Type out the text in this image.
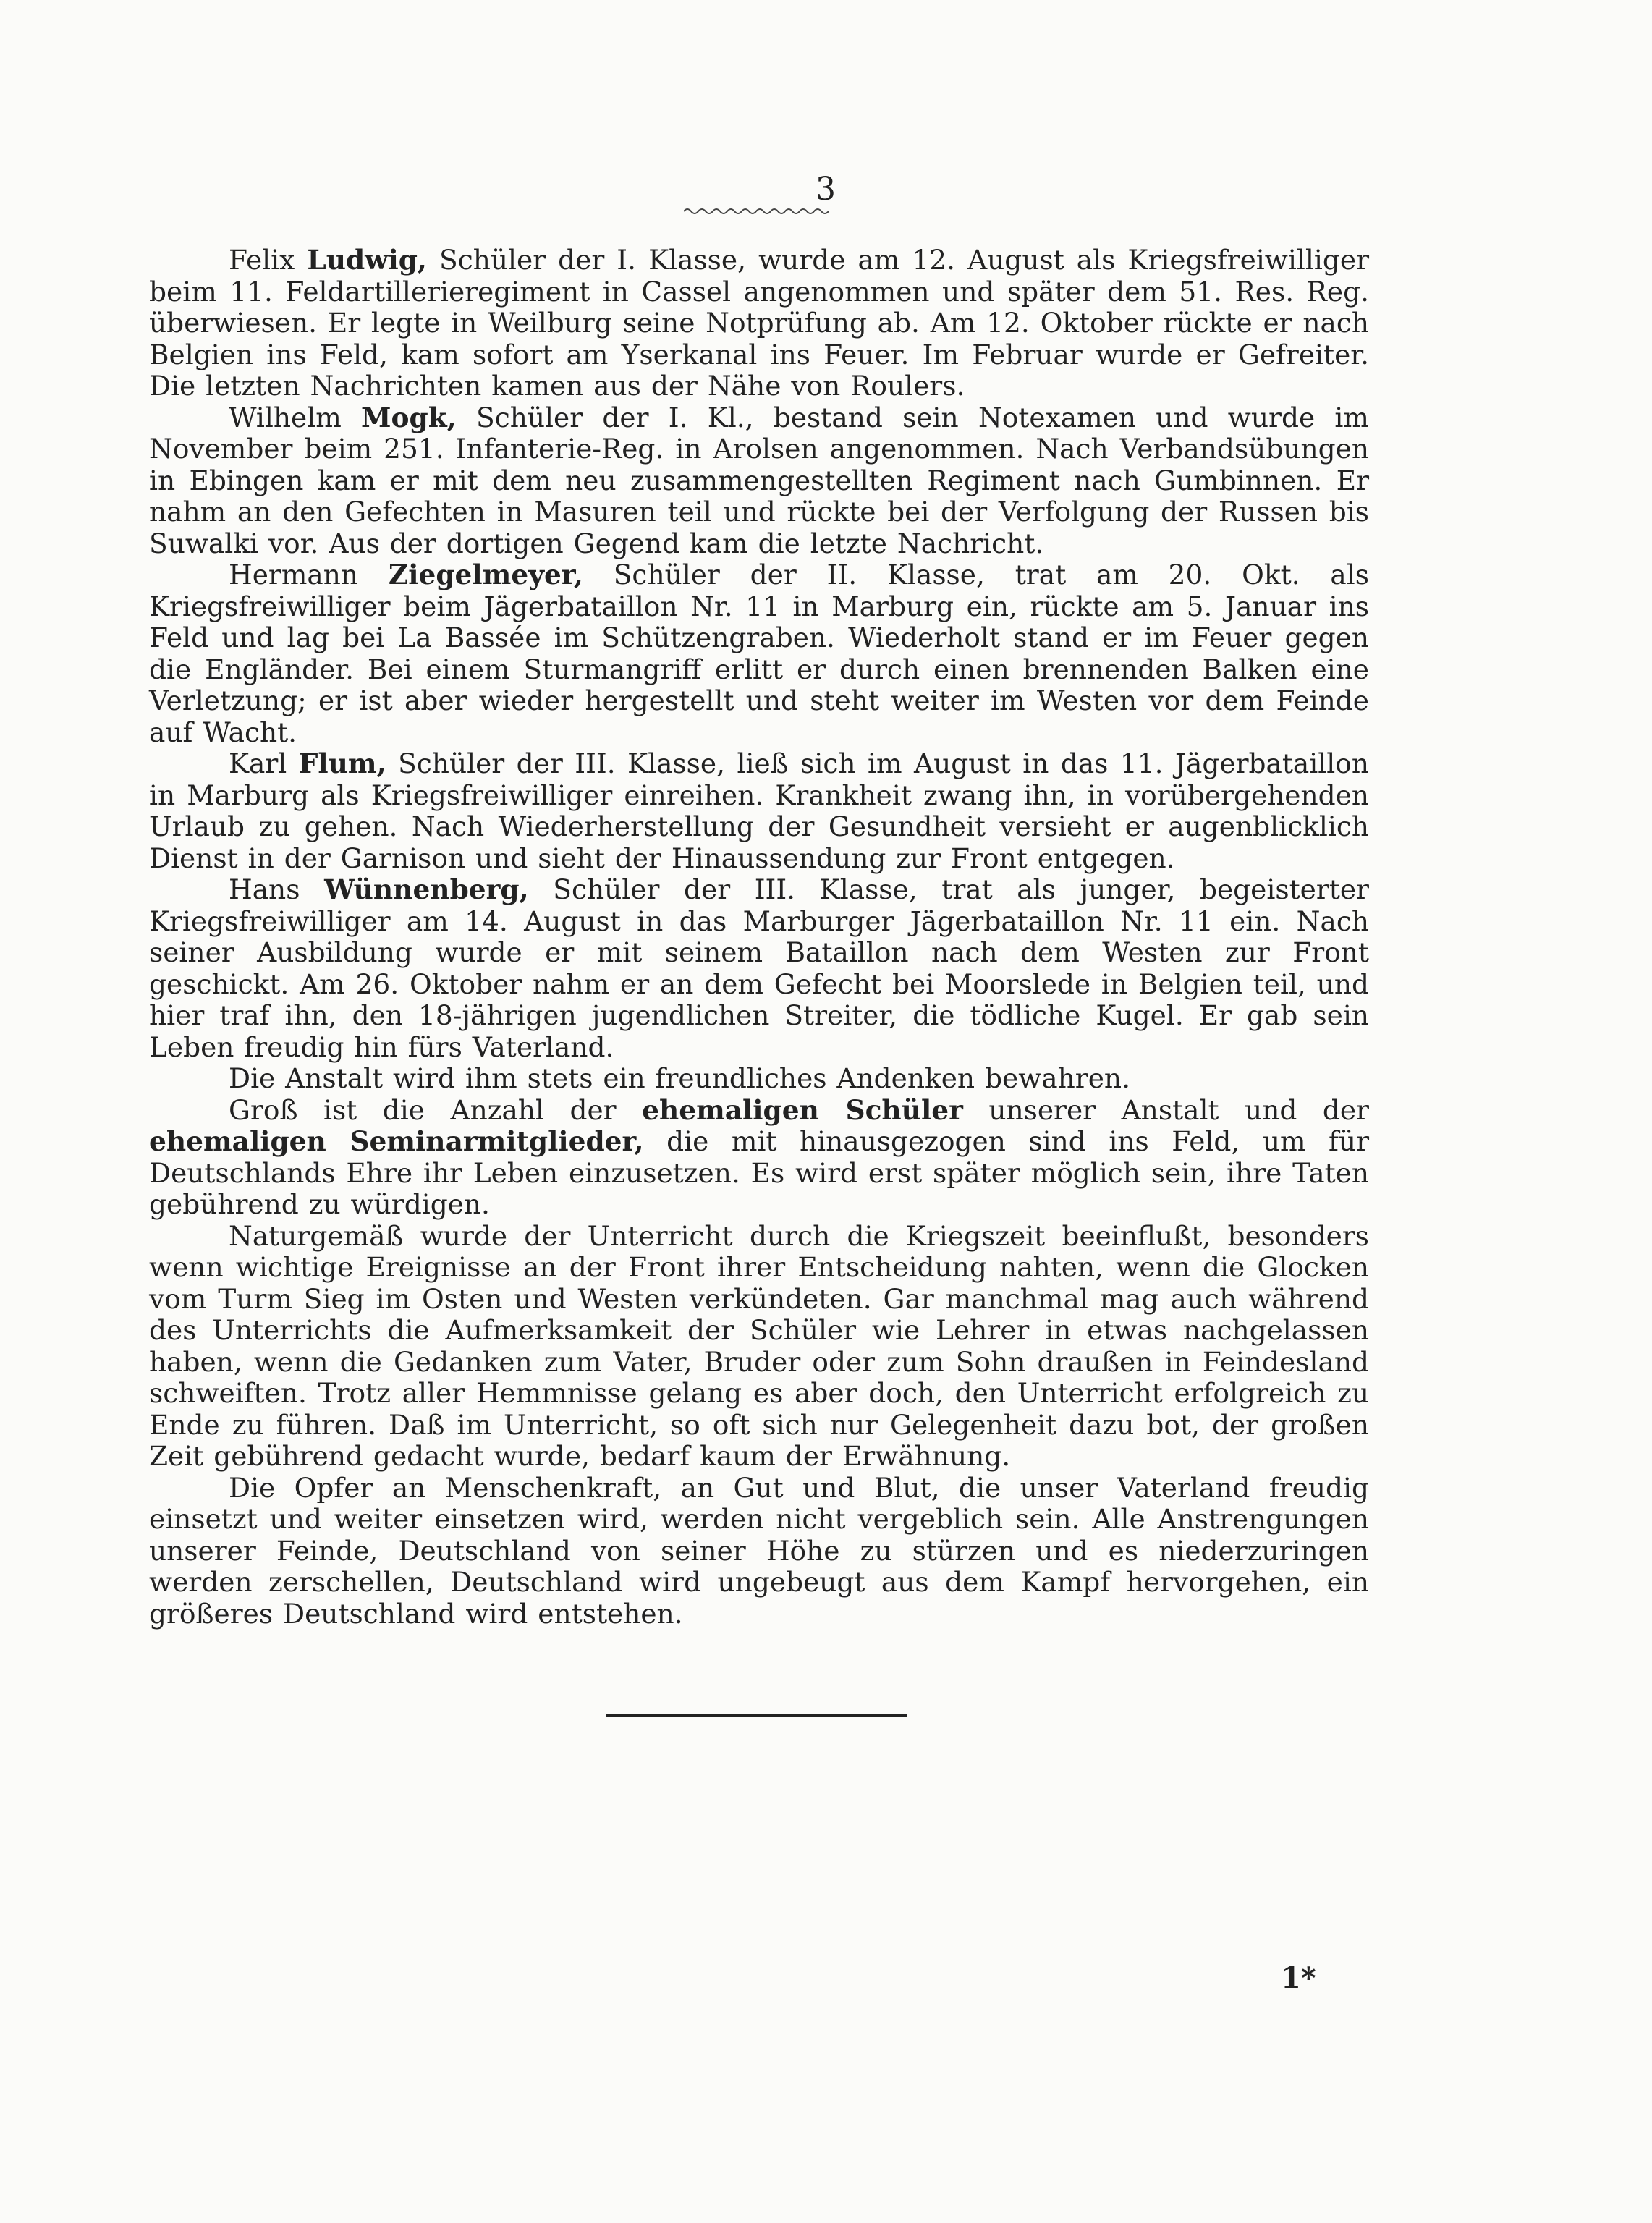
3

Felix Ludwig, Schüler der I. Klasse, wurde am 12. August als Kriegsfreiwilliger beim 11. Feldartillerieregiment in Cassel angenommen und später dem 51. Res. Reg. überwiesen. Er legte in Weilburg seine Notprüfung ab. Am 12. Oktober rückte er nach Belgien ins Feld, kam sofort am Yserkanal ins Feuer. Im Februar wurde er Gefreiter. Die letzten Nachrichten kamen aus der Nähe von Roulers.

Wilhelm Mogk, Schüler der I. Kl., bestand sein Notexamen und wurde im November beim 251. Infanterie-Reg. in Arolsen angenommen. Nach Verbandsübungen in Ebingen kam er mit dem neu zusammengestellten Regiment nach Gumbinnen. Er nahm an den Gefechten in Masuren teil und rückte bei der Verfolgung der Russen bis Suwalki vor. Aus der dortigen Gegend kam die letzte Nachricht.

Hermann Ziegelmeyer, Schüler der II. Klasse, trat am 20. Okt. als Kriegsfreiwilliger beim Jägerbataillon Nr. 11 in Marburg ein, rückte am 5. Januar ins Feld und lag bei La Bassée im Schützengraben. Wiederholt stand er im Feuer gegen die Engländer. Bei einem Sturmangriff erlitt er durch einen brennenden Balken eine Verletzung; er ist aber wieder hergestellt und steht weiter im Westen vor dem Feinde auf Wacht.

Karl Flum, Schüler der III. Klasse, ließ sich im August in das 11. Jägerbataillon in Marburg als Kriegsfreiwilliger einreihen. Krankheit zwang ihn, in vorübergehenden Urlaub zu gehen. Nach Wiederherstellung der Gesundheit versieht er augenblicklich Dienst in der Garnison und sieht der Hinaussendung zur Front entgegen.

Hans Wünnenberg, Schüler der III. Klasse, trat als junger, begeisterter Kriegsfreiwilliger am 14. August in das Marburger Jägerbataillon Nr. 11 ein. Nach seiner Ausbildung wurde er mit seinem Bataillon nach dem Westen zur Front geschickt. Am 26. Oktober nahm er an dem Gefecht bei Moorslede in Belgien teil, und hier traf ihn, den 18-jährigen jugendlichen Streiter, die tödliche Kugel. Er gab sein Leben freudig hin fürs Vaterland.

Die Anstalt wird ihm stets ein freundliches Andenken bewahren.

Groß ist die Anzahl der ehemaligen Schüler unserer Anstalt und der ehemaligen Seminarmitglieder, die mit hinausgezogen sind ins Feld, um für Deutschlands Ehre ihr Leben einzusetzen. Es wird erst später möglich sein, ihre Taten gebührend zu würdigen.

Naturgemäß wurde der Unterricht durch die Kriegszeit beeinflußt, besonders wenn wichtige Ereignisse an der Front ihrer Entscheidung nahten, wenn die Glocken vom Turm Sieg im Osten und Westen verkündeten. Gar manchmal mag auch während des Unterrichts die Aufmerksamkeit der Schüler wie Lehrer in etwas nachgelassen haben, wenn die Gedanken zum Vater, Bruder oder zum Sohn draußen in Feindesland schweiften. Trotz aller Hemmnisse gelang es aber doch, den Unterricht erfolgreich zu Ende zu führen. Daß im Unterricht, so oft sich nur Gelegenheit dazu bot, der großen Zeit gebührend gedacht wurde, bedarf kaum der Erwähnung.

Die Opfer an Menschenkraft, an Gut und Blut, die unser Vaterland freudig einsetzt und weiter einsetzen wird, werden nicht vergeblich sein. Alle Anstrengungen unserer Feinde, Deutschland von seiner Höhe zu stürzen und es niederzuringen werden zerschellen, Deutschland wird ungebeugt aus dem Kampf hervorgehen, ein größeres Deutschland wird entstehen.

1*
